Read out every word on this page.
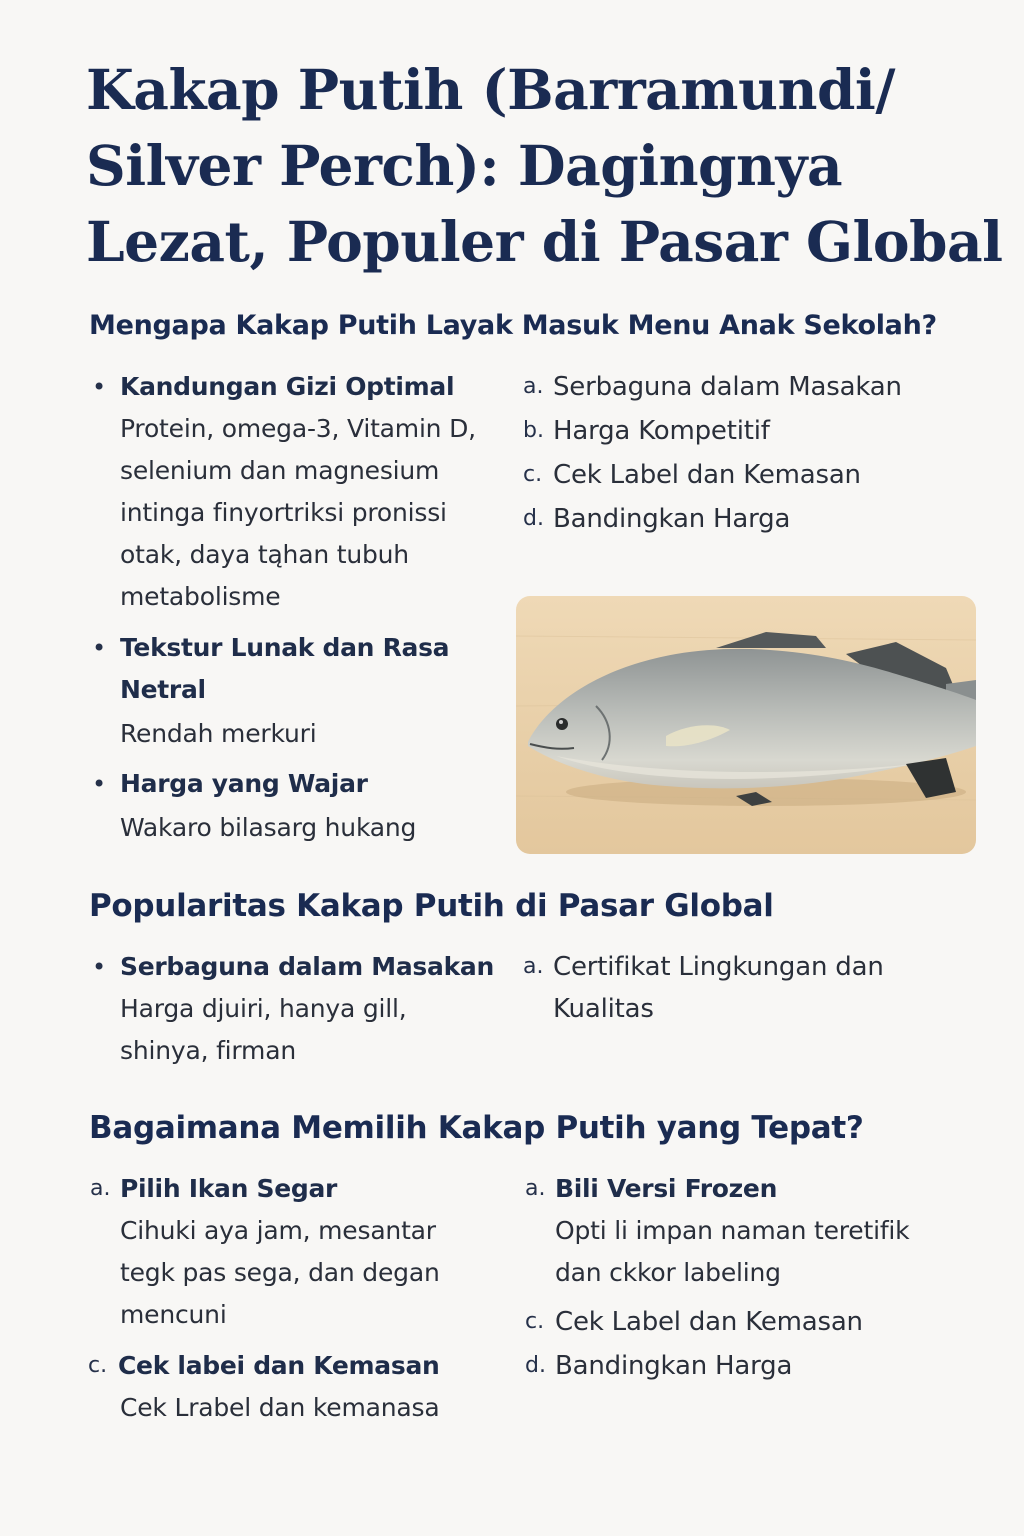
Kakap Putih (Barramundi/ Silver Perch): Dagingnya Lezat, Populer di Pasar Global
Mengapa Kakap Putih Layak Masuk Menu Anak Sekolah?
• Kandungan Gizi Optimal
Protein, omega-3, Vitamin D, selenium dan magnesium intinga finyortriksi pronissi otak, daya tąhan tubuh metabolisme
• Tekstur Lunak dan Rasa Netral
Rendah merkuri
• Harga yang Wajar
Wakaro bilasarg hukang
a. Serbaguna dalam Masakan
b. Harga Kompetitif
c. Cek Label dan Kemasan
d. Bandingkan Harga
Popularitas Kakap Putih di Pasar Global
• Serbaguna dalam Masakan
Harga djuiri, hanya gill, shinya, firman
a. Certifikat Lingkungan dan Kualitas
Bagaimana Memilih Kakap Putih yang Tepat?
a. Pilih Ikan Segar
Cihuki aya jam, mesantar tegk pas sega, dan degan mencuni
c. Cek labei dan Kemasan
Cek Lrabel dan kemanasa
a. Bili Versi Frozen
Opti li impan naman teretifik dan ckkor labeling
c. Cek Label dan Kemasan
d. Bandingkan Harga
